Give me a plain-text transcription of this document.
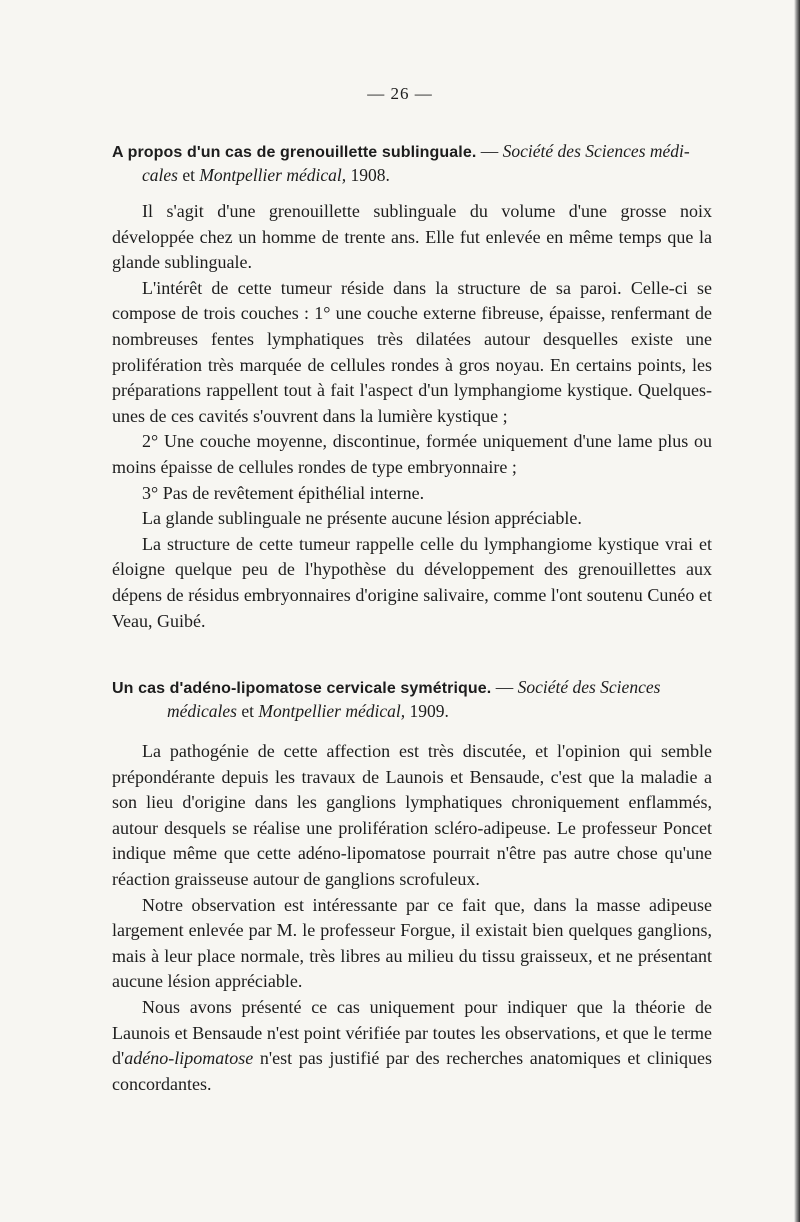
— 26 —
A propos d'un cas de grenouillette sublinguale. — Société des Sciences médi-
cales et Montpellier médical, 1908.

Il s'agit d'une grenouillette sublinguale du volume d'une grosse noix développée chez un homme de trente ans. Elle fut enlevée en même temps que la glande sublinguale.

L'intérêt de cette tumeur réside dans la structure de sa paroi. Celle-ci se compose de trois couches : 1° une couche externe fibreuse, épaisse, renfermant de nombreuses fentes lymphatiques très dilatées autour desquelles existe une prolifération très marquée de cellules rondes à gros noyau. En certains points, les préparations rappellent tout à fait l'aspect d'un lymphangiome kystique. Quelques-unes de ces cavités s'ouvrent dans la lumière kystique ;

2° Une couche moyenne, discontinue, formée uniquement d'une lame plus ou moins épaisse de cellules rondes de type embryonnaire ;

3° Pas de revêtement épithélial interne.

La glande sublinguale ne présente aucune lésion appréciable.

La structure de cette tumeur rappelle celle du lymphangiome kystique vrai et éloigne quelque peu de l'hypothèse du développement des grenouillettes aux dépens de résidus embryonnaires d'origine salivaire, comme l'ont soutenu Cunéo et Veau, Guibé.

Un cas d'adéno-lipomatose cervicale symétrique. — Société des Sciences
médicales et Montpellier médical, 1909.

La pathogénie de cette affection est très discutée, et l'opinion qui semble prépondérante depuis les travaux de Launois et Bensaude, c'est que la maladie a son lieu d'origine dans les ganglions lymphatiques chroniquement enflammés, autour desquels se réalise une prolifération scléro-adipeuse. Le professeur Poncet indique même que cette adéno-lipomatose pourrait n'être pas autre chose qu'une réaction graisseuse autour de ganglions scrofuleux.

Notre observation est intéressante par ce fait que, dans la masse adipeuse largement enlevée par M. le professeur Forgue, il existait bien quelques ganglions, mais à leur place normale, très libres au milieu du tissu graisseux, et ne présentant aucune lésion appréciable.

Nous avons présenté ce cas uniquement pour indiquer que la théorie de Launois et Bensaude n'est point vérifiée par toutes les observations, et que le terme d'adéno-lipomatose n'est pas justifié par des recherches anatomiques et cliniques concordantes.
